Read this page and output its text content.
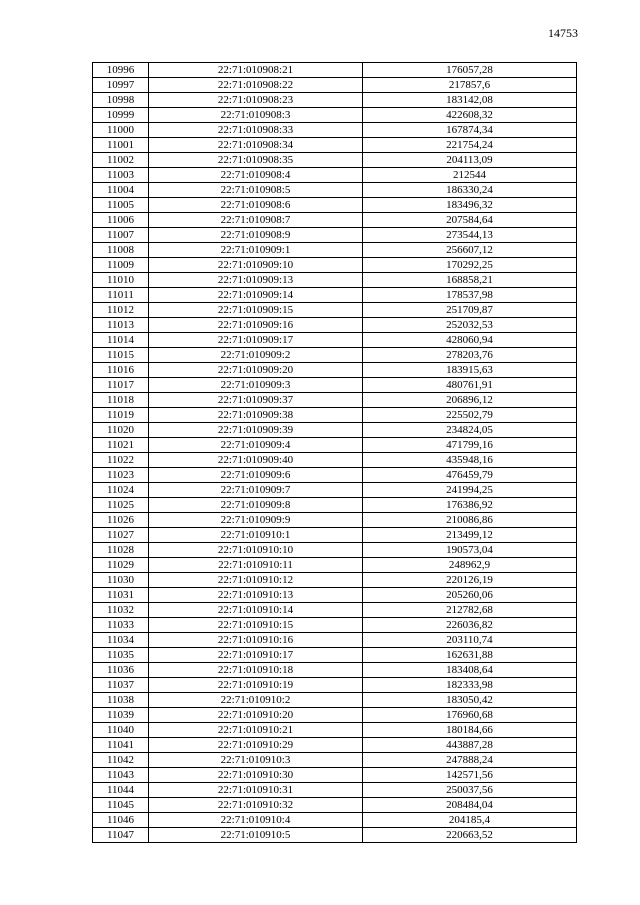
14753
10996	22:71:010908:21	176057,28
10997	22:71:010908:22	217857,6
10998	22:71:010908:23	183142,08
10999	22:71:010908:3	422608,32
11000	22:71:010908:33	167874,34
11001	22:71:010908:34	221754,24
11002	22:71:010908:35	204113,09
11003	22:71:010908:4	212544
11004	22:71:010908:5	186330,24
11005	22:71:010908:6	183496,32
11006	22:71:010908:7	207584,64
11007	22:71:010908:9	273544,13
11008	22:71:010909:1	256607,12
11009	22:71:010909:10	170292,25
11010	22:71:010909:13	168858,21
11011	22:71:010909:14	178537,98
11012	22:71:010909:15	251709,87
11013	22:71:010909:16	252032,53
11014	22:71:010909:17	428060,94
11015	22:71:010909:2	278203,76
11016	22:71:010909:20	183915,63
11017	22:71:010909:3	480761,91
11018	22:71:010909:37	206896,12
11019	22:71:010909:38	225502,79
11020	22:71:010909:39	234824,05
11021	22:71:010909:4	471799,16
11022	22:71:010909:40	435948,16
11023	22:71:010909:6	476459,79
11024	22:71:010909:7	241994,25
11025	22:71:010909:8	176386,92
11026	22:71:010909:9	210086,86
11027	22:71:010910:1	213499,12
11028	22:71:010910:10	190573,04
11029	22:71:010910:11	248962,9
11030	22:71:010910:12	220126,19
11031	22:71:010910:13	205260,06
11032	22:71:010910:14	212782,68
11033	22:71:010910:15	226036,82
11034	22:71:010910:16	203110,74
11035	22:71:010910:17	162631,88
11036	22:71:010910:18	183408,64
11037	22:71:010910:19	182333,98
11038	22:71:010910:2	183050,42
11039	22:71:010910:20	176960,68
11040	22:71:010910:21	180184,66
11041	22:71:010910:29	443887,28
11042	22:71:010910:3	247888,24
11043	22:71:010910:30	142571,56
11044	22:71:010910:31	250037,56
11045	22:71:010910:32	208484,04
11046	22:71:010910:4	204185,4
11047	22:71:010910:5	220663,52
